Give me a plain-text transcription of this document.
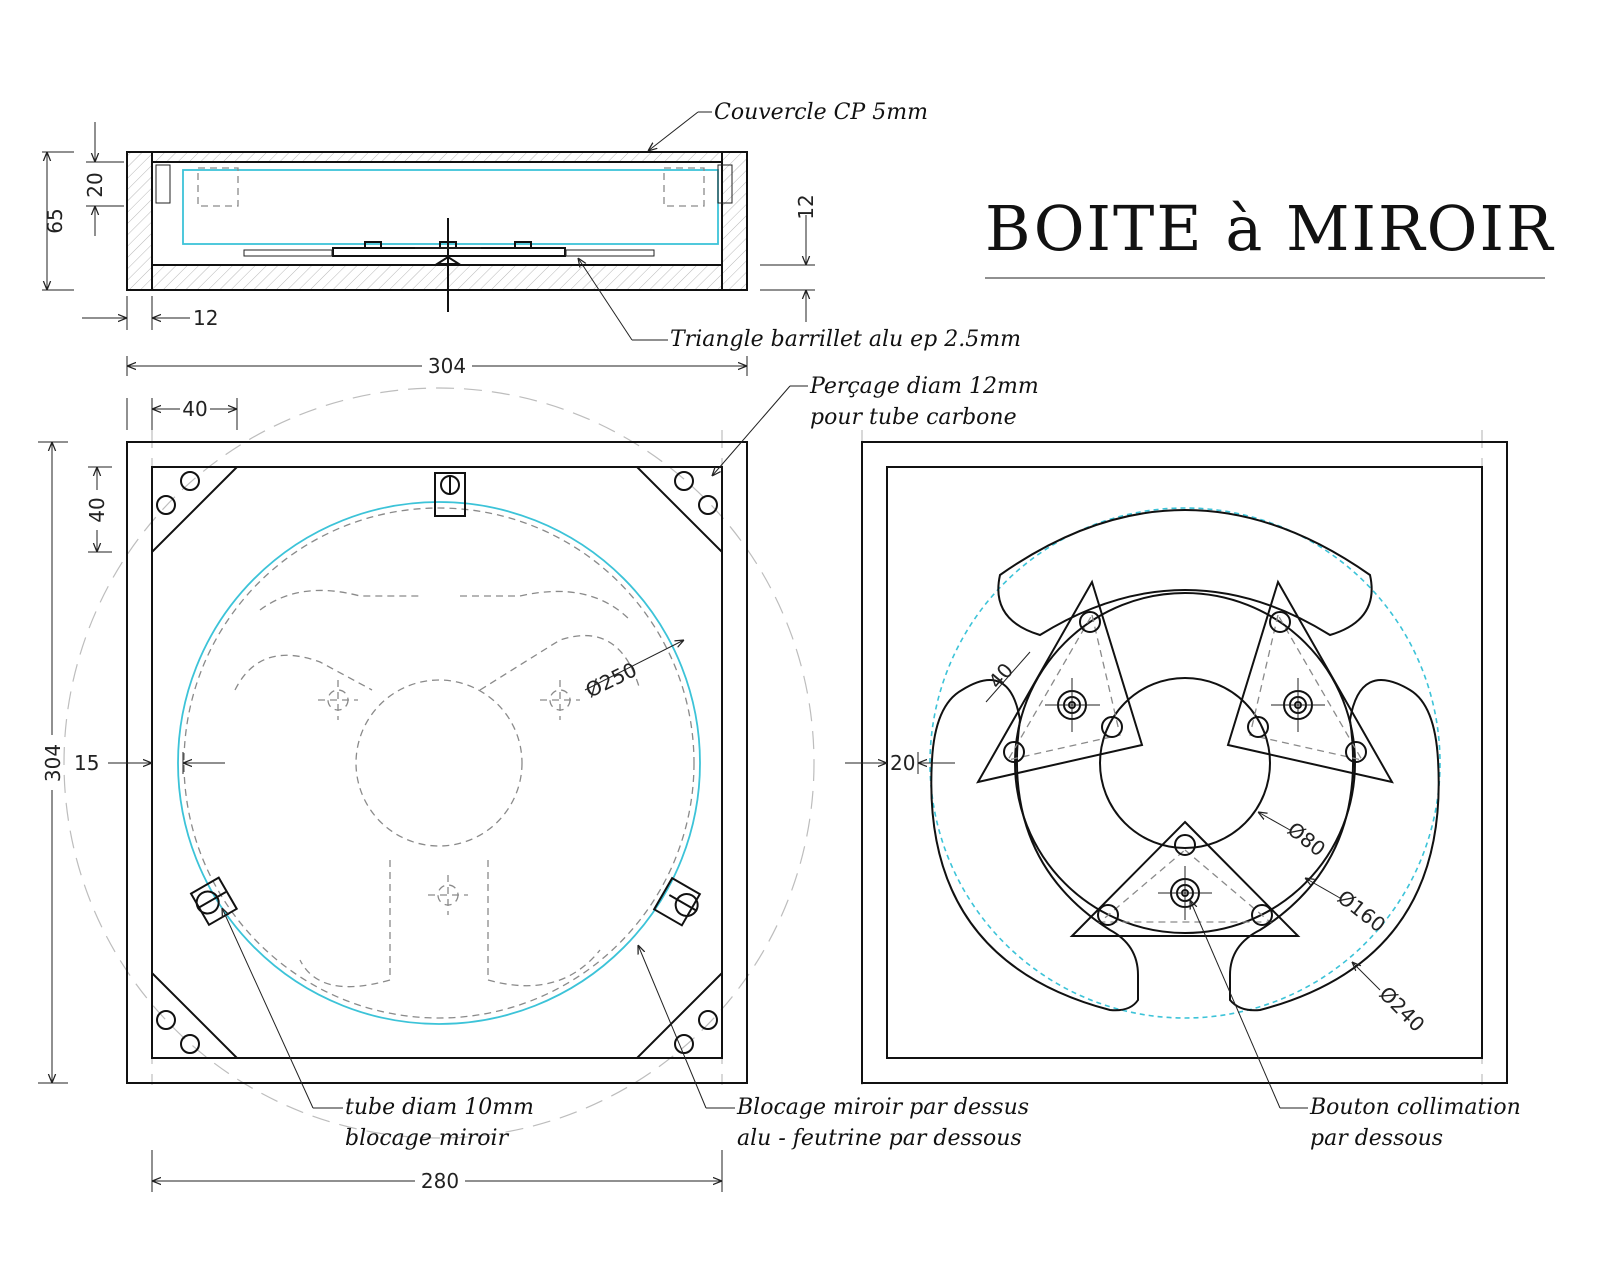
BOITE à MIROIR
65
20
12
12
304
Couvercle CP 5mm
Triangle barrillet alu ep 2.5mm
40
40
304 15
Ø250
280
Perçage diam 12mm
pour tube carbone
tube diam 10mm
blocage miroir
Blocage miroir par dessus
alu - feutrine par dessous
20
40
Ø80
Ø160
Ø240
Bouton collimation
par dessous
